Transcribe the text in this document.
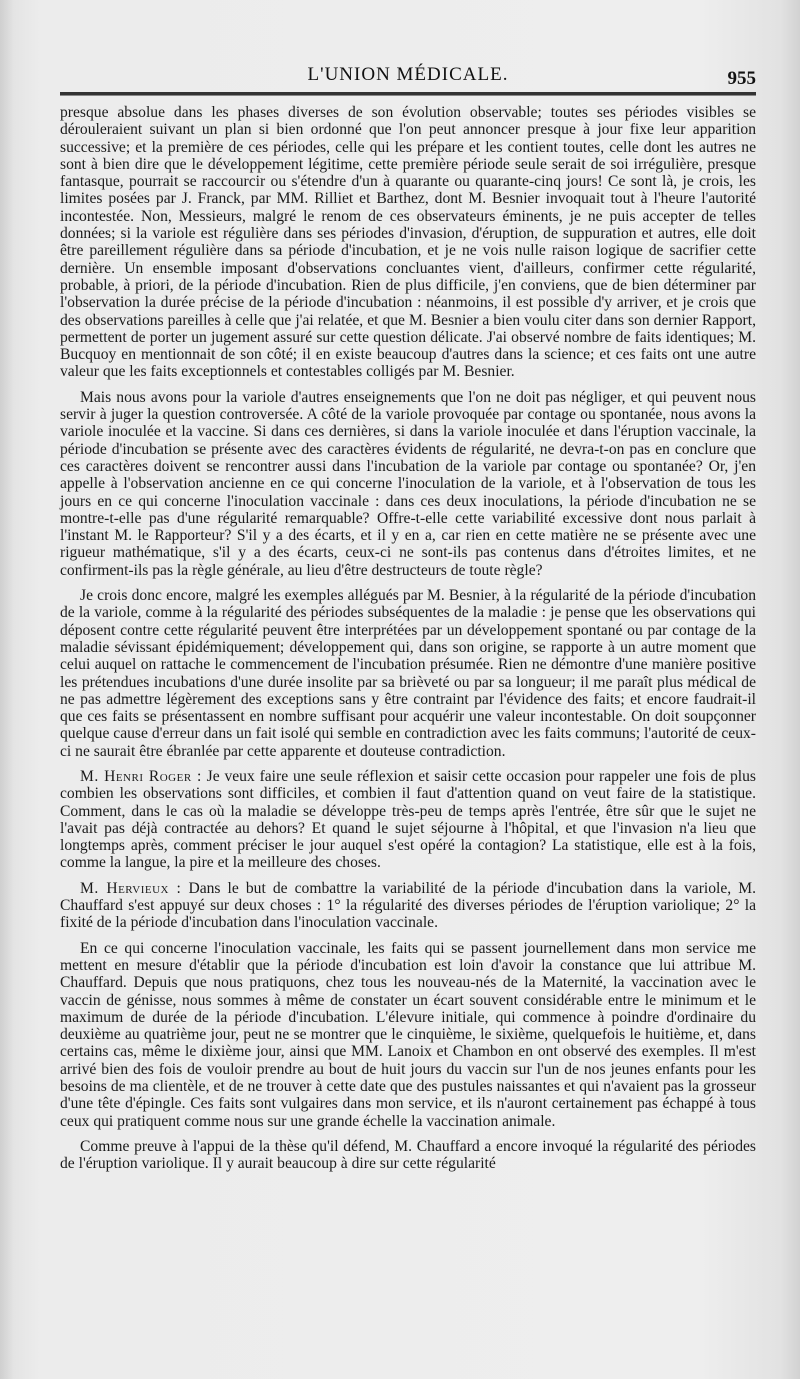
L'UNION MÉDICALE.	955

presque absolue dans les phases diverses de son évolution observable; toutes ses périodes visibles se dérouleraient suivant un plan si bien ordonné que l'on peut annoncer presque à jour fixe leur apparition successive; et la première de ces périodes, celle qui les prépare et les contient toutes, celle dont les autres ne sont à bien dire que le développement légitime, cette première période seule serait de soi irrégulière, presque fantasque, pourrait se raccourcir ou s'étendre d'un à quarante ou quarante-cinq jours! Ce sont là, je crois, les limites posées par J. Franck, par MM. Rilliet et Barthez, dont M. Besnier invoquait tout à l'heure l'autorité incontestée. Non, Messieurs, malgré le renom de ces observateurs éminents, je ne puis accepter de telles données; si la variole est régulière dans ses périodes d'invasion, d'éruption, de suppuration et autres, elle doit être pareillement régulière dans sa période d'incubation, et je ne vois nulle raison logique de sacrifier cette dernière. Un ensemble imposant d'observations concluantes vient, d'ailleurs, confirmer cette régularité, probable, à priori, de la période d'incubation. Rien de plus difficile, j'en conviens, que de bien déterminer par l'observation la durée précise de la période d'incubation : néanmoins, il est possible d'y arriver, et je crois que des observations pareilles à celle que j'ai relatée, et que M. Besnier a bien voulu citer dans son dernier Rapport, permettent de porter un jugement assuré sur cette question délicate. J'ai observé nombre de faits identiques; M. Bucquoy en mentionnait de son côté; il en existe beaucoup d'autres dans la science; et ces faits ont une autre valeur que les faits exceptionnels et contestables colligés par M. Besnier.

Mais nous avons pour la variole d'autres enseignements que l'on ne doit pas négliger, et qui peuvent nous servir à juger la question controversée. A côté de la variole provoquée par contage ou spontanée, nous avons la variole inoculée et la vaccine. Si dans ces dernières, si dans la variole inoculée et dans l'éruption vaccinale, la période d'incubation se présente avec des caractères évidents de régularité, ne devra-t-on pas en conclure que ces caractères doivent se rencontrer aussi dans l'incubation de la variole par contage ou spontanée? Or, j'en appelle à l'observation ancienne en ce qui concerne l'inoculation de la variole, et à l'observation de tous les jours en ce qui concerne l'inoculation vaccinale : dans ces deux inoculations, la période d'incubation ne se montre-t-elle pas d'une régularité remarquable? Offre-t-elle cette variabilité excessive dont nous parlait à l'instant M. le Rapporteur? S'il y a des écarts, et il y en a, car rien en cette matière ne se présente avec une rigueur mathématique, s'il y a des écarts, ceux-ci ne sont-ils pas contenus dans d'étroites limites, et ne confirment-ils pas la règle générale, au lieu d'être destructeurs de toute règle?

Je crois donc encore, malgré les exemples allégués par M. Besnier, à la régularité de la période d'incubation de la variole, comme à la régularité des périodes subséquentes de la maladie : je pense que les observations qui déposent contre cette régularité peuvent être interprétées par un développement spontané ou par contage de la maladie sévissant épidémiquement; développement qui, dans son origine, se rapporte à un autre moment que celui auquel on rattache le commencement de l'incubation présumée. Rien ne démontre d'une manière positive les prétendues incubations d'une durée insolite par sa brièveté ou par sa longueur; il me paraît plus médical de ne pas admettre légèrement des exceptions sans y être contraint par l'évidence des faits; et encore faudrait-il que ces faits se présentassent en nombre suffisant pour acquérir une valeur incontestable. On doit soupçonner quelque cause d'erreur dans un fait isolé qui semble en contradiction avec les faits communs; l'autorité de ceux-ci ne saurait être ébranlée par cette apparente et douteuse contradiction.

M. Henri Roger : Je veux faire une seule réflexion et saisir cette occasion pour rappeler une fois de plus combien les observations sont difficiles, et combien il faut d'attention quand on veut faire de la statistique. Comment, dans le cas où la maladie se développe très-peu de temps après l'entrée, être sûr que le sujet ne l'avait pas déjà contractée au dehors? Et quand le sujet séjourne à l'hôpital, et que l'invasion n'a lieu que longtemps après, comment préciser le jour auquel s'est opéré la contagion? La statistique, elle est à la fois, comme la langue, la pire et la meilleure des choses.

M. Hervieux : Dans le but de combattre la variabilité de la période d'incubation dans la variole, M. Chauffard s'est appuyé sur deux choses : 1° la régularité des diverses périodes de l'éruption variolique; 2° la fixité de la période d'incubation dans l'inoculation vaccinale.

En ce qui concerne l'inoculation vaccinale, les faits qui se passent journellement dans mon service me mettent en mesure d'établir que la période d'incubation est loin d'avoir la constance que lui attribue M. Chauffard. Depuis que nous pratiquons, chez tous les nouveau-nés de la Maternité, la vaccination avec le vaccin de génisse, nous sommes à même de constater un écart souvent considérable entre le minimum et le maximum de durée de la période d'incubation. L'élevure initiale, qui commence à poindre d'ordinaire du deuxième au quatrième jour, peut ne se montrer que le cinquième, le sixième, quelquefois le huitième, et, dans certains cas, même le dixième jour, ainsi que MM. Lanoix et Chambon en ont observé des exemples. Il m'est arrivé bien des fois de vouloir prendre au bout de huit jours du vaccin sur l'un de nos jeunes enfants pour les besoins de ma clientèle, et de ne trouver à cette date que des pustules naissantes et qui n'avaient pas la grosseur d'une tête d'épingle. Ces faits sont vulgaires dans mon service, et ils n'auront certainement pas échappé à tous ceux qui pratiquent comme nous sur une grande échelle la vaccination animale.

Comme preuve à l'appui de la thèse qu'il défend, M. Chauffard a encore invoqué la régularité des périodes de l'éruption variolique. Il y aurait beaucoup à dire sur cette régularité
